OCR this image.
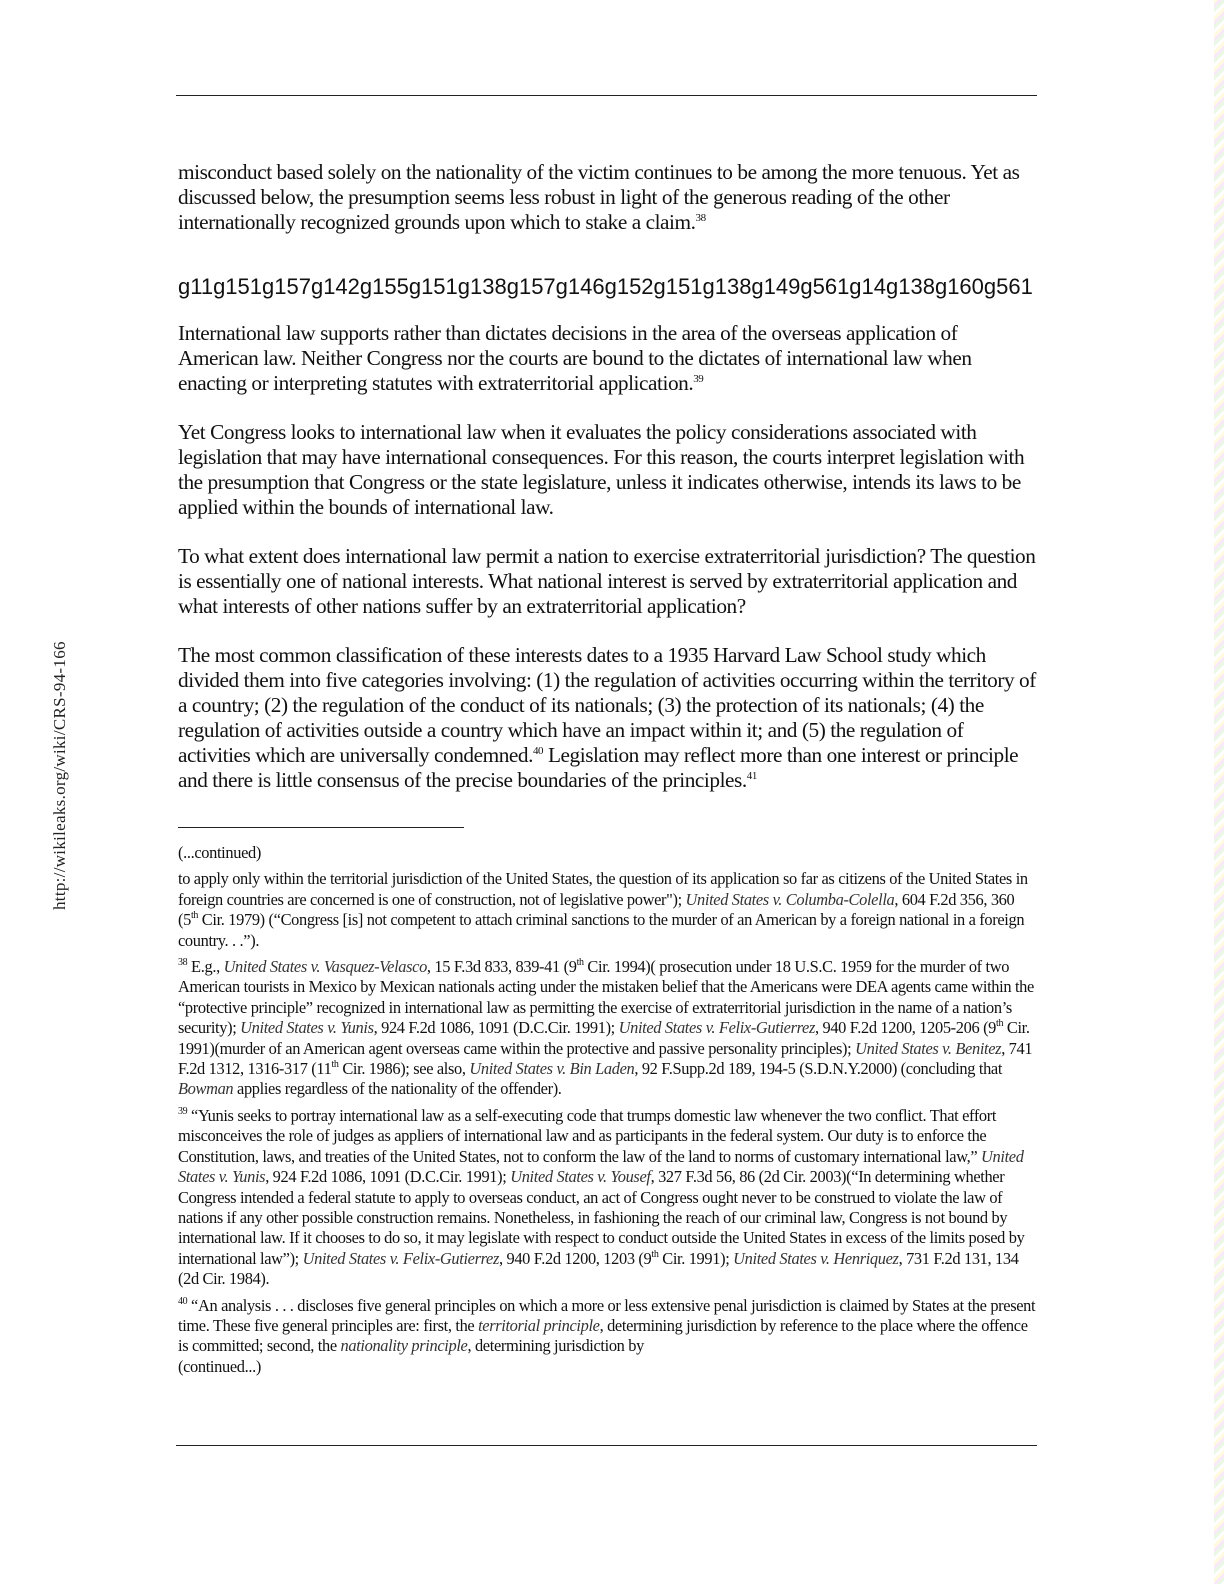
http://wikileaks.org/wiki/CRS-94-166

misconduct based solely on the nationality of the victim continues to be among the more tenuous. Yet as discussed below, the presumption seems less robust in light of the generous reading of the other internationally recognized grounds upon which to stake a claim.$^{38}$

g11g151g157g142g155g151g138g157g146g152g151g138g149g561g14g138g160g561

International law supports rather than dictates decisions in the area of the overseas application of American law. Neither Congress nor the courts are bound to the dictates of international law when enacting or interpreting statutes with extraterritorial application.$^{39}$

Yet Congress looks to international law when it evaluates the policy considerations associated with legislation that may have international consequences. For this reason, the courts interpret legislation with the presumption that Congress or the state legislature, unless it indicates otherwise, intends its laws to be applied within the bounds of international law.

To what extent does international law permit a nation to exercise extraterritorial jurisdiction? The question is essentially one of national interests. What national interest is served by extraterritorial application and what interests of other nations suffer by an extraterritorial application?

The most common classification of these interests dates to a 1935 Harvard Law School study which divided them into five categories involving: (1) the regulation of activities occurring within the territory of a country; (2) the regulation of the conduct of its nationals; (3) the protection of its nationals; (4) the regulation of activities outside a country which have an impact within it; and (5) the regulation of activities which are universally condemned.$^{40}$ Legislation may reflect more than one interest or principle and there is little consensus of the precise boundaries of the principles.$^{41}$

(...continued)

to apply only within the territorial jurisdiction of the United States, the question of its application so far as citizens of the United States in foreign countries are concerned is one of construction, not of legislative power"); United States v. Columba-Colella, 604 F.2d 356, 360 (5th Cir. 1979) (“Congress [is] not competent to attach criminal sanctions to the murder of an American by a foreign national in a foreign country. . .”).

$^{38}$ E.g., United States v. Vasquez-Velasco, 15 F.3d 833, 839-41 (9th Cir. 1994)( prosecution under 18 U.S.C. 1959 for the murder of two American tourists in Mexico by Mexican nationals acting under the mistaken belief that the Americans were DEA agents came within the “protective principle” recognized in international law as permitting the exercise of extraterritorial jurisdiction in the name of a nation’s security); United States v. Yunis, 924 F.2d 1086, 1091 (D.C.Cir. 1991); United States v. Felix-Gutierrez, 940 F.2d 1200, 1205-206 (9th Cir. 1991)(murder of an American agent overseas came within the protective and passive personality principles); United States v. Benitez, 741 F.2d 1312, 1316-317 (11th Cir. 1986); see also, United States v. Bin Laden, 92 F.Supp.2d 189, 194-5 (S.D.N.Y.2000) (concluding that Bowman applies regardless of the nationality of the offender).

$^{39}$ “Yunis seeks to portray international law as a self-executing code that trumps domestic law whenever the two conflict. That effort misconceives the role of judges as appliers of international law and as participants in the federal system. Our duty is to enforce the Constitution, laws, and treaties of the United States, not to conform the law of the land to norms of customary international law,” United States v. Yunis, 924 F.2d 1086, 1091 (D.C.Cir. 1991); United States v. Yousef, 327 F.3d 56, 86 (2d Cir. 2003)(“In determining whether Congress intended a federal statute to apply to overseas conduct, an act of Congress ought never to be construed to violate the law of nations if any other possible construction remains. Nonetheless, in fashioning the reach of our criminal law, Congress is not bound by international law. If it chooses to do so, it may legislate with respect to conduct outside the United States in excess of the limits posed by international law”); United States v. Felix-Gutierrez, 940 F.2d 1200, 1203 (9th Cir. 1991); United States v. Henriquez, 731 F.2d 131, 134 (2d Cir. 1984).

$^{40}$ “An analysis . . . discloses five general principles on which a more or less extensive penal jurisdiction is claimed by States at the present time. These five general principles are: first, the territorial principle, determining jurisdiction by reference to the place where the offence is committed; second, the nationality principle, determining jurisdiction by
(continued...)
